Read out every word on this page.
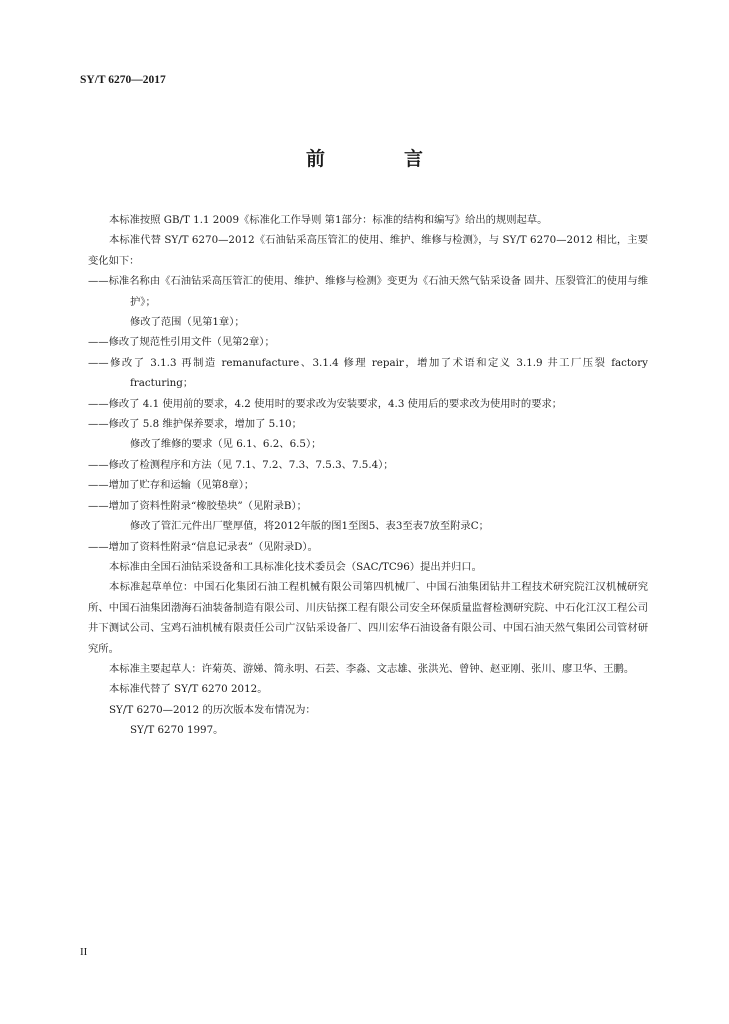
SY/T 6270—2017
前　言

本标准按照 GB/T 1.1 2009《标准化工作导则 第1部分：标准的结构和编写》给出的规则起草。

本标准代替 SY/T 6270—2012《石油钻采高压管汇的使用、维护、维修与检测》，与 SY/T 6270—2012 相比，主要变化如下：

——标准名称由《石油钻采高压管汇的使用、维护、维修与检测》变更为《石油天然气钻采设备 固井、压裂管汇的使用与维护》；

修改了范围（见第1章）；

——修改了规范性引用文件（见第2章）；

——修改了 3.1.3 再制造 remanufacture、3.1.4 修理 repair，增加了术语和定义 3.1.9 井工厂压裂 factory fracturing；

——修改了 4.1 使用前的要求，4.2 使用时的要求改为安装要求，4.3 使用后的要求改为使用时的要求；

——修改了 5.8 维护保养要求，增加了 5.10；

修改了维修的要求（见 6.1、6.2、6.5）；

——修改了检测程序和方法（见 7.1、7.2、7.3、7.5.3、7.5.4）；

——增加了贮存和运输（见第8章）；

——增加了资料性附录“橡胶垫块”（见附录B）；

修改了管汇元件出厂壁厚值，将2012年版的图1至图5、表3至表7放至附录C；

——增加了资料性附录“信息记录表”（见附录D）。

本标准由全国石油钻采设备和工具标准化技术委员会（SAC/TC96）提出并归口。

本标准起草单位：中国石化集团石油工程机械有限公司第四机械厂、中国石油集团钻井工程技术研究院江汉机械研究所、中国石油集团渤海石油装备制造有限公司、川庆钻探工程有限公司安全环保质量监督检测研究院、中石化江汉工程公司井下测试公司、宝鸡石油机械有限责任公司广汉钻采设备厂、四川宏华石油设备有限公司、中国石油天然气集团公司管材研究所。

本标准主要起草人：许菊英、游娣、简永明、石芸、李淼、文志雄、张洪光、曾钟、赵亚刚、张川、廖卫华、王鹏。

本标准代替了 SY/T 6270 2012。

SY/T 6270—2012 的历次版本发布情况为：

SY/T 6270 1997。

II
